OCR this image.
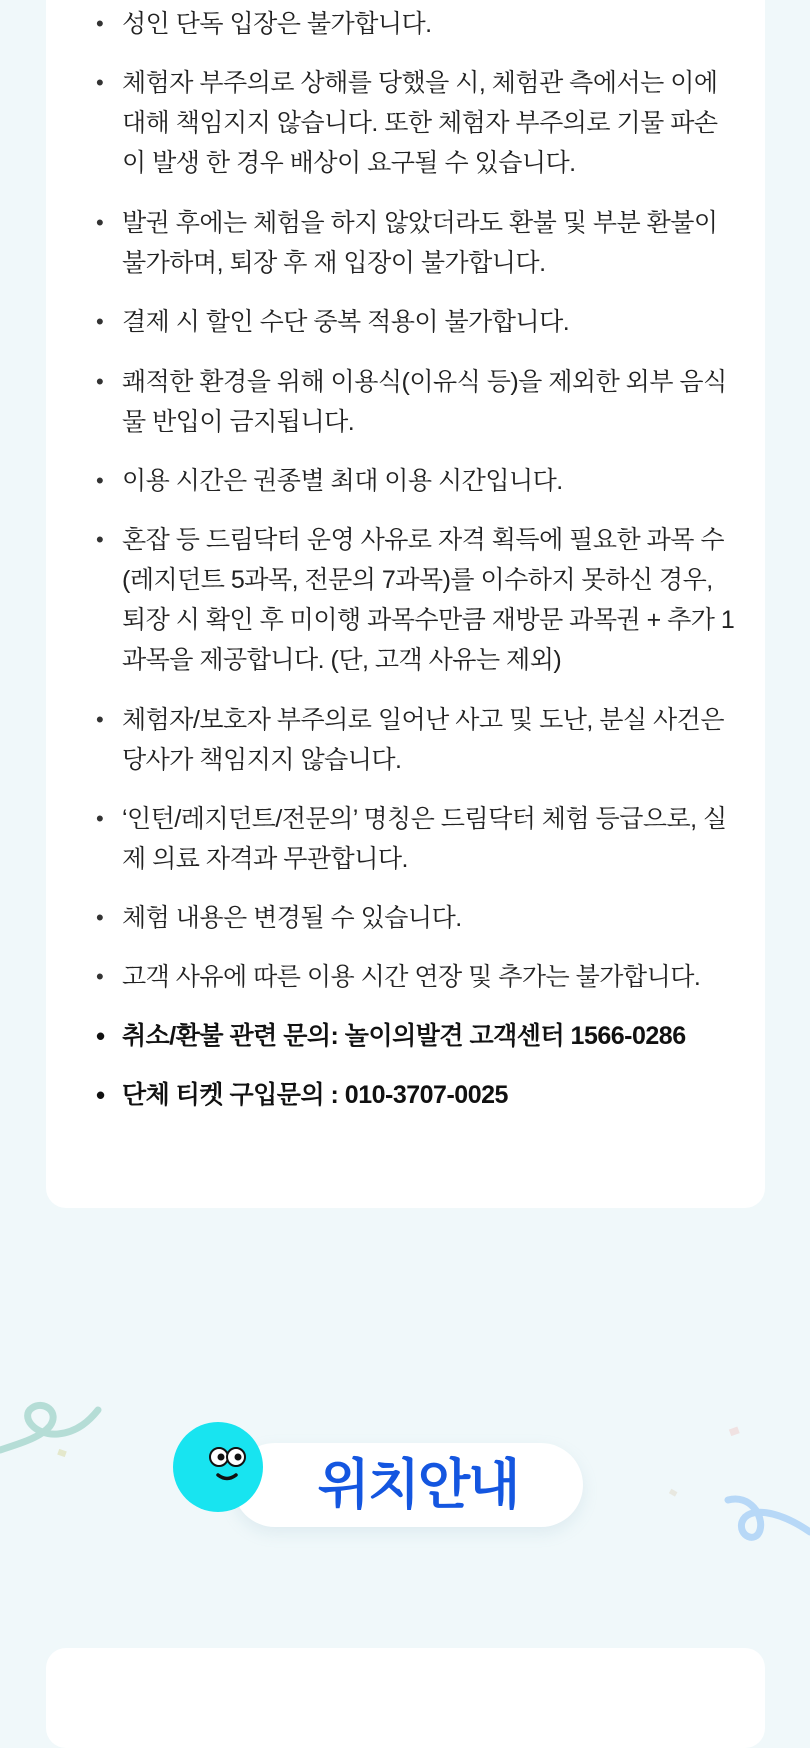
• 성인 단독 입장은 불가합니다.
• 체험자 부주의로 상해를 당했을 시, 체험관 측에서는 이에 대해 책임지지 않습니다. 또한 체험자 부주의로 기물 파손이 발생 한 경우 배상이 요구될 수 있습니다.
• 발권 후에는 체험을 하지 않았더라도 환불 및 부분 환불이 불가하며, 퇴장 후 재 입장이 불가합니다.
• 결제 시 할인 수단 중복 적용이 불가합니다.
• 쾌적한 환경을 위해 이용식(이유식 등)을 제외한 외부 음식물 반입이 금지됩니다.
• 이용 시간은 권종별 최대 이용 시간입니다.
• 혼잡 등 드림닥터 운영 사유로 자격 획득에 필요한 과목 수(레지던트 5과목, 전문의 7과목)를 이수하지 못하신 경우, 퇴장 시 확인 후 미이행 과목수만큼 재방문 과목권 + 추가 1과목을 제공합니다. (단, 고객 사유는 제외)
• 체험자/보호자 부주의로 일어난 사고 및 도난, 분실 사건은 당사가 책임지지 않습니다.
• ‘인턴/레지던트/전문의’ 명칭은 드림닥터 체험 등급으로, 실제 의료 자격과 무관합니다.
• 체험 내용은 변경될 수 있습니다.
• 고객 사유에 따른 이용 시간 연장 및 추가는 불가합니다.
• 취소/환불 관련 문의: 놀이의발견 고객센터 1566-0286
• 단체 티켓 구입문의 : 010-3707-0025
위치안내
